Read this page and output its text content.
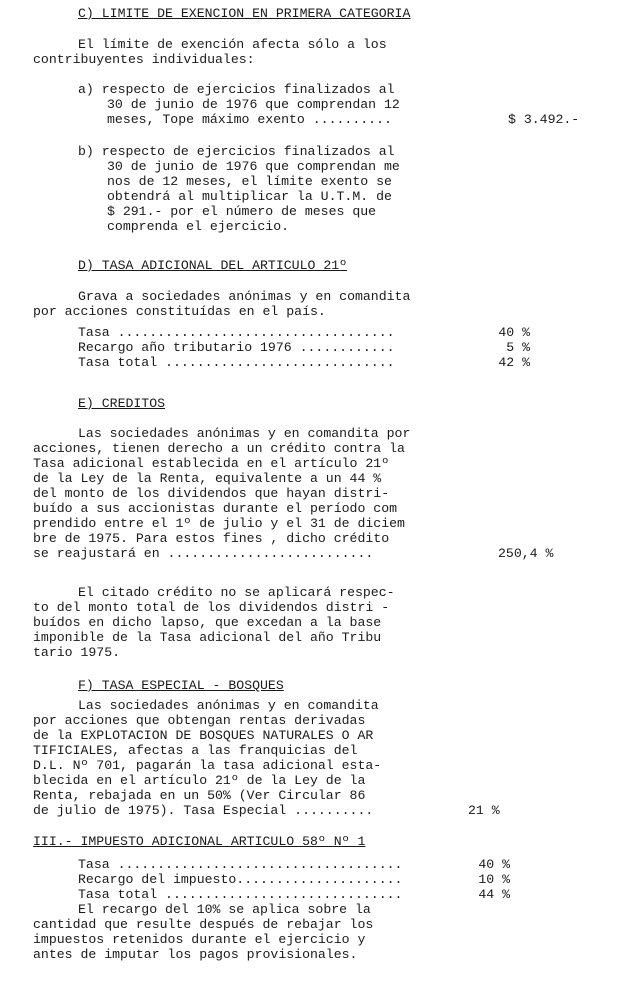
C) LIMITE DE EXENCION EN PRIMERA CATEGORIA
El límite de exención afecta sólo a los
contribuyentes individuales:
a) respecto de ejercicios finalizados al
30 de junio de 1976 que comprendan 12
meses, Tope máximo exento ..........	$ 3.492.-
b) respecto de ejercicios finalizados al
30 de junio de 1976 que comprendan me
nos de 12 meses, el límite exento se
obtendrá al multiplicar la U.T.M. de
$ 291.- por el número de meses que
comprenda el ejercicio.
D) TASA ADICIONAL DEL ARTICULO 21º
Grava a sociedades anónimas y en comandita
por acciones constituídas en el país.
Tasa ...................................	40 %
Recargo año tributario 1976 ............	5 %
Tasa total .............................	42 %
E) CREDITOS
Las sociedades anónimas y en comandita por
acciones, tienen derecho a un crédito contra la
Tasa adicional establecida en el artículo 21º
de la Ley de la Renta, equivalente a un 44 %
del monto de los dividendos que hayan distri-
buído a sus accionistas durante el período com
prendido entre el 1º de julio y el 31 de diciem
bre de 1975. Para estos fines , dicho crédito
se reajustará en ..........................	250,4 %
El citado crédito no se aplicará respec-
to del monto total de los dividendos distri -
buídos en dicho lapso, que excedan a la base
imponible de la Tasa adicional del año Tribu
tario 1975.
F) TASA ESPECIAL - BOSQUES
Las sociedades anónimas y en comandita
por acciones que obtengan rentas derivadas
de la EXPLOTACION DE BOSQUES NATURALES O AR
TIFICIALES, afectas a las franquicias del
D.L. Nº 701, pagarán la tasa adicional esta-
blecida en el artículo 21º de la Ley de la
Renta, rebajada en un 50% (Ver Circular 86
de julio de 1975). Tasa Especial ..........	21 %
III.- IMPUESTO ADICIONAL ARTICULO 58º Nº 1
Tasa ....................................	40 %
Recargo del impuesto.....................	10 %
Tasa total ..............................	44 %
El recargo del 10% se aplica sobre la
cantidad que resulte después de rebajar los
impuestos retenidos durante el ejercicio y
antes de imputar los pagos provisionales.
